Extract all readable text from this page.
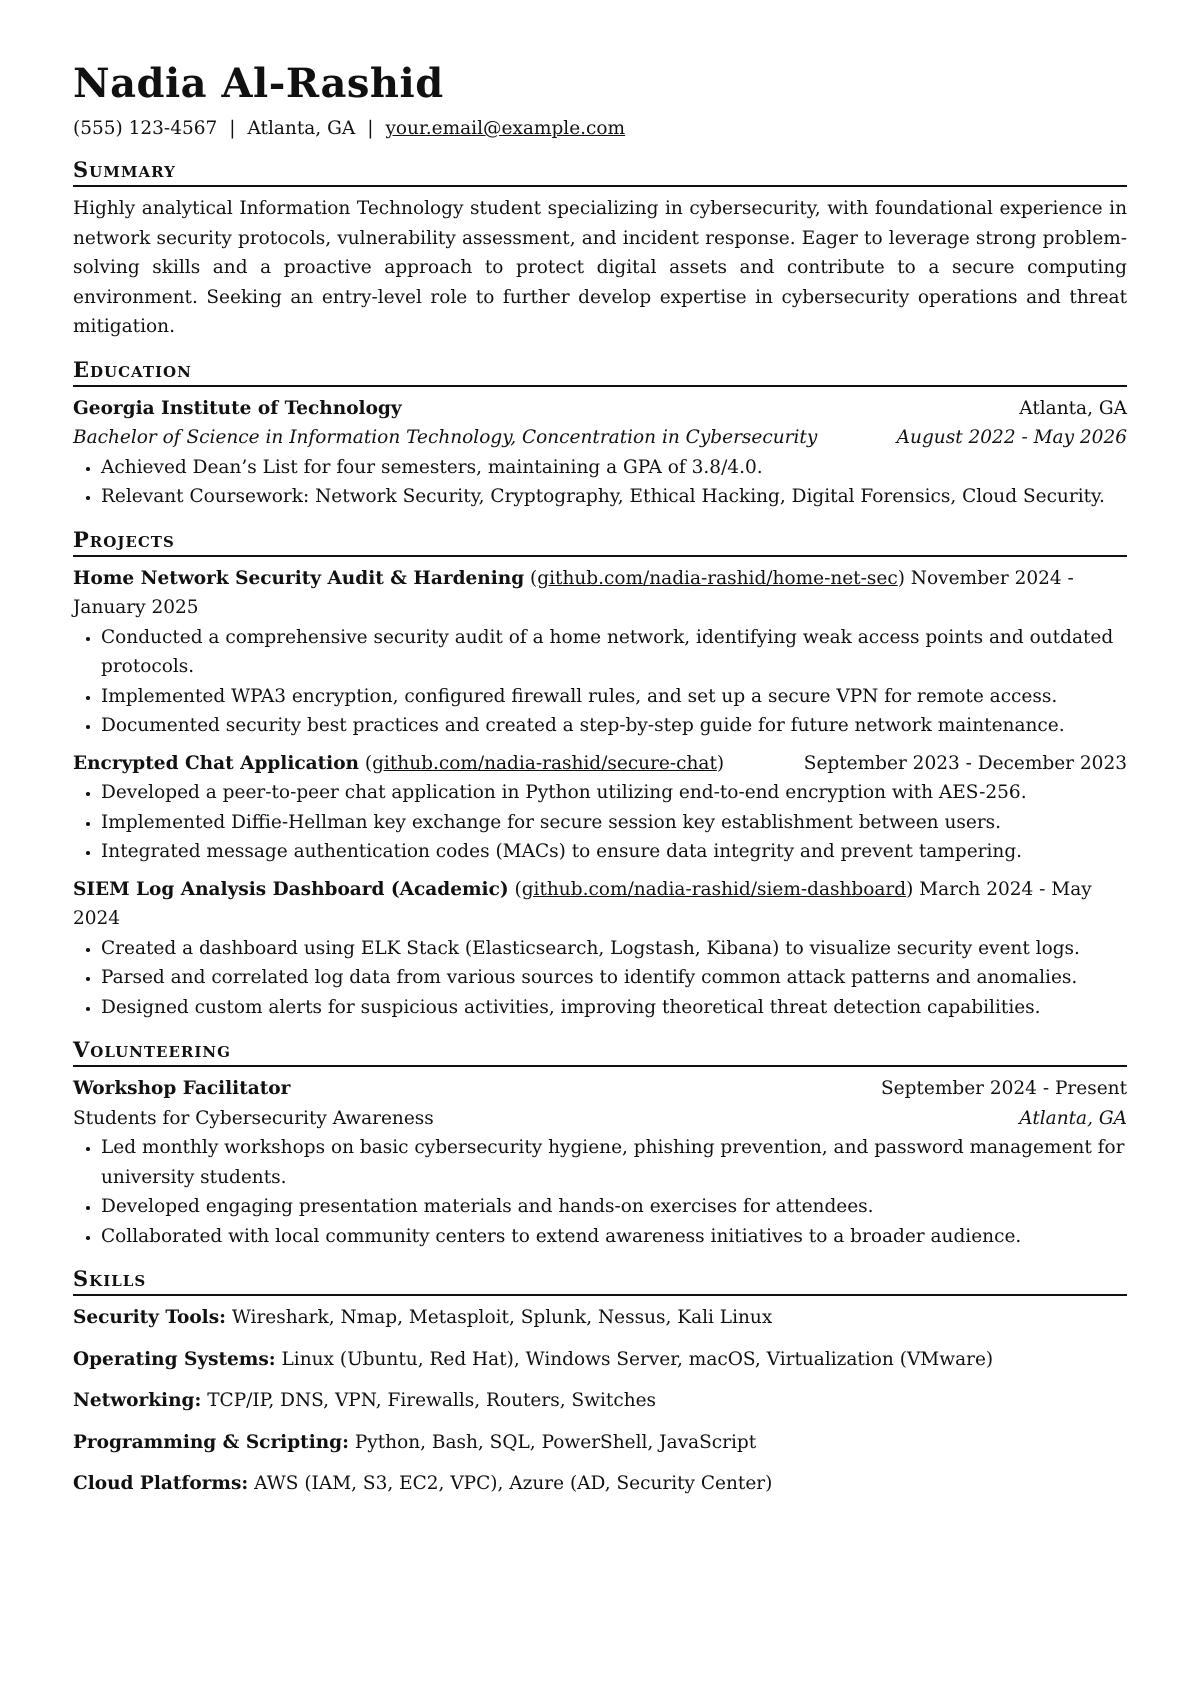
Nadia Al-Rashid
(555) 123-4567 | Atlanta, GA | your.email@example.com
Summary

Highly analytical Information Technology student specializing in cybersecurity, with foundational experience in network security protocols, vulnerability assessment, and incident response. Eager to leverage strong problem-solving skills and a proactive approach to protect digital assets and contribute to a secure computing environment. Seeking an entry-level role to further develop expertise in cybersecurity operations and threat mitigation.

Education
Georgia Institute of Technology	Atlanta, GA
Bachelor of Science in Information Technology, Concentration in Cybersecurity	August 2022 - May 2026
• Achieved Dean’s List for four semesters, maintaining a GPA of 3.8/4.0.
• Relevant Coursework: Network Security, Cryptography, Ethical Hacking, Digital Forensics, Cloud Security.
Projects
Home Network Security Audit & Hardening (github.com/nadia-rashid/home-net-sec) November 2024 - January 2025
• Conducted a comprehensive security audit of a home network, identifying weak access points and outdated protocols.
• Implemented WPA3 encryption, configured firewall rules, and set up a secure VPN for remote access.
• Documented security best practices and created a step-by-step guide for future network maintenance.
Encrypted Chat Application (github.com/nadia-rashid/secure-chat)	September 2023 - December 2023
• Developed a peer-to-peer chat application in Python utilizing end-to-end encryption with AES-256.
• Implemented Diffie-Hellman key exchange for secure session key establishment between users.
• Integrated message authentication codes (MACs) to ensure data integrity and prevent tampering.
SIEM Log Analysis Dashboard (Academic) (github.com/nadia-rashid/siem-dashboard) March 2024 - May 2024
• Created a dashboard using ELK Stack (Elasticsearch, Logstash, Kibana) to visualize security event logs.
• Parsed and correlated log data from various sources to identify common attack patterns and anomalies.
• Designed custom alerts for suspicious activities, improving theoretical threat detection capabilities.
Volunteering
Workshop Facilitator	September 2024 - Present
Students for Cybersecurity Awareness	Atlanta, GA
• Led monthly workshops on basic cybersecurity hygiene, phishing prevention, and password management for university students.
• Developed engaging presentation materials and hands-on exercises for attendees.
• Collaborated with local community centers to extend awareness initiatives to a broader audience.
Skills
Security Tools: Wireshark, Nmap, Metasploit, Splunk, Nessus, Kali Linux
Operating Systems: Linux (Ubuntu, Red Hat), Windows Server, macOS, Virtualization (VMware)
Networking: TCP/IP, DNS, VPN, Firewalls, Routers, Switches
Programming & Scripting: Python, Bash, SQL, PowerShell, JavaScript
Cloud Platforms: AWS (IAM, S3, EC2, VPC), Azure (AD, Security Center)
